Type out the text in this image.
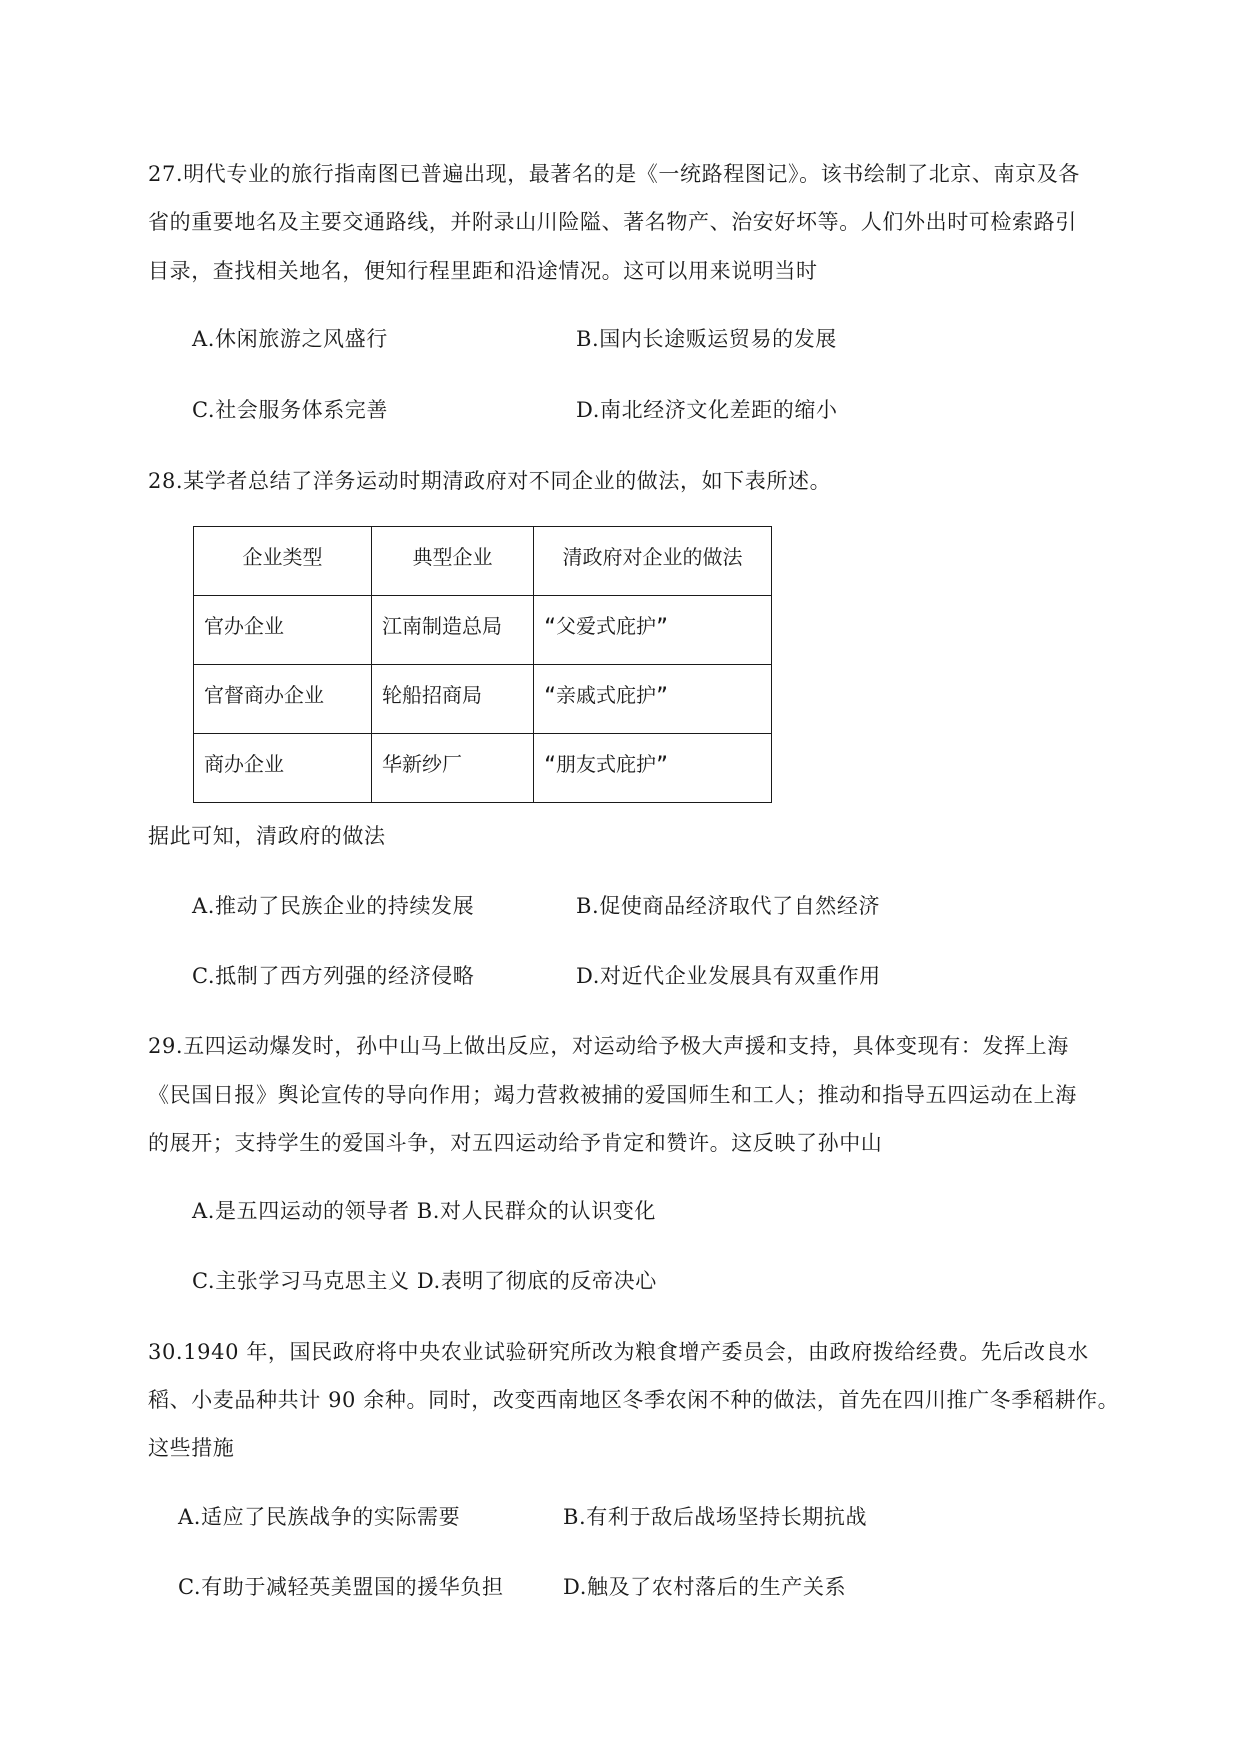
27.明代专业的旅行指南图已普遍出现，最著名的是《一统路程图记》。该书绘制了北京、南京及各
省的重要地名及主要交通路线，并附录山川险隘、著名物产、治安好坏等。人们外出时可检索路引
目录，查找相关地名，便知行程里距和沿途情况。这可以用来说明当时
A.休闲旅游之风盛行	B.国内长途贩运贸易的发展
C.社会服务体系完善	D.南北经济文化差距的缩小
28.某学者总结了洋务运动时期清政府对不同企业的做法，如下表所述。
企业类型	典型企业	清政府对企业的做法
官办企业	江南制造总局	“父爱式庇护”
官督商办企业	轮船招商局	“亲戚式庇护”
商办企业	华新纱厂	“朋友式庇护”
据此可知，清政府的做法
A.推动了民族企业的持续发展	B.促使商品经济取代了自然经济
C.抵制了西方列强的经济侵略	D.对近代企业发展具有双重作用
29.五四运动爆发时，孙中山马上做出反应，对运动给予极大声援和支持，具体变现有：发挥上海
《民国日报》舆论宣传的导向作用；竭力营救被捕的爱国师生和工人；推动和指导五四运动在上海
的展开；支持学生的爱国斗争，对五四运动给予肯定和赞许。这反映了孙中山
A.是五四运动的领导者 B.对人民群众的认识变化
C.主张学习马克思主义 D.表明了彻底的反帝决心
30.1940 年，国民政府将中央农业试验研究所改为粮食增产委员会，由政府拨给经费。先后改良水
稻、小麦品种共计 90 余种。同时，改变西南地区冬季农闲不种的做法，首先在四川推广冬季稻耕作。
这些措施
A.适应了民族战争的实际需要	B.有利于敌后战场坚持长期抗战
C.有助于减轻英美盟国的援华负担	D.触及了农村落后的生产关系
